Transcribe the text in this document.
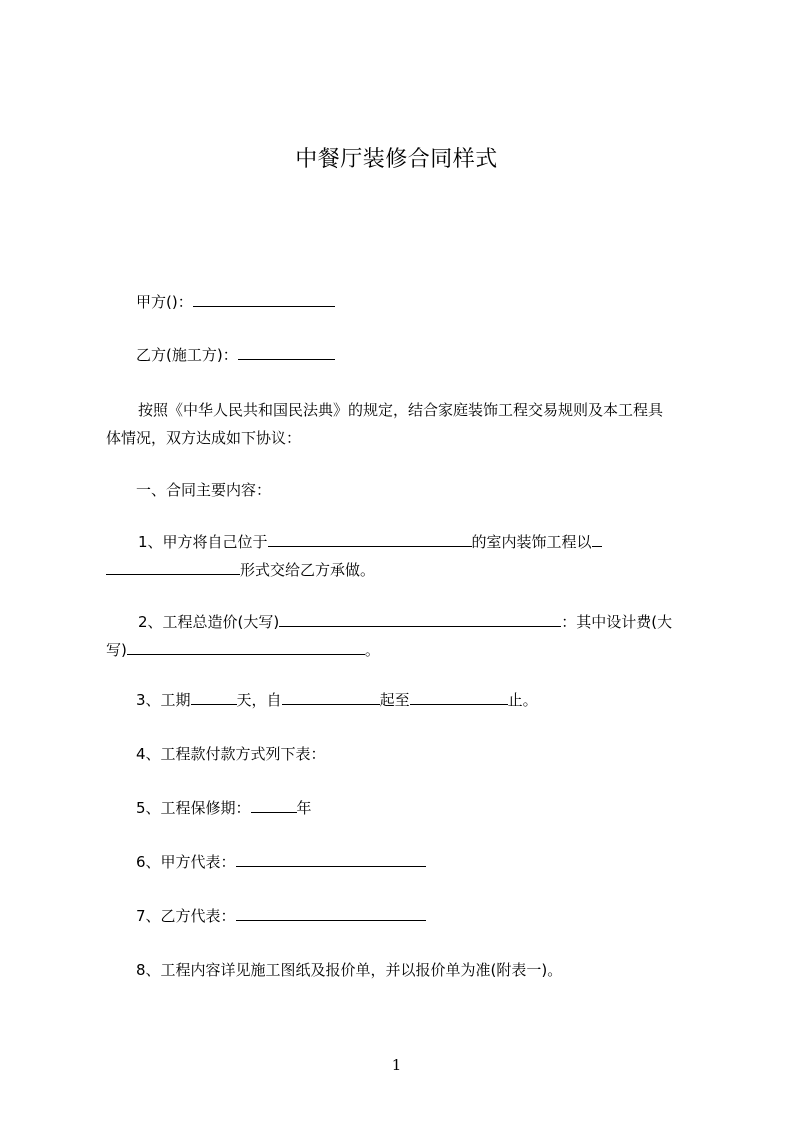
中餐厅装修合同样式
甲方()：
乙方(施工方)：
按照《中华人民共和国民法典》的规定，结合家庭装饰工程交易规则及本工程具
体情况，双方达成如下协议：
一、合同主要内容：
1、甲方将自己位于	的室内装饰工程以
形式交给乙方承做。
2、工程总造价(大写)	：其中设计费(大
写)	。
3、工期	天，自	起至	止。
4、工程款付款方式列下表：
5、工程保修期：	年
6、甲方代表：
7、乙方代表：
8、工程内容详见施工图纸及报价单，并以报价单为准(附表一)。
1
